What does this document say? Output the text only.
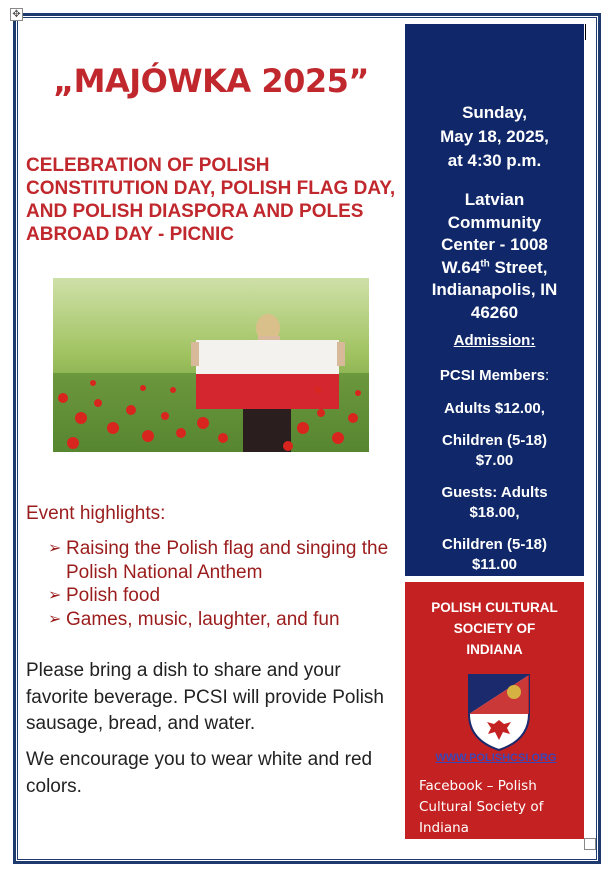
✥
„MAJÓWKA 2025”
CELEBRATION OF POLISH CONSTITUTION DAY, POLISH FLAG DAY, AND POLISH DIASPORA AND POLES ABROAD DAY - PICNIC
Event highlights:
➢ Raising the Polish flag and singing the Polish National Anthem
➢ Polish food
➢ Games, music, laughter, and fun

Please bring a dish to share and your favorite beverage. PCSI will provide Polish sausage, bread, and water.

We encourage you to wear white and red colors.

Sunday,
May 18, 2025,
at 4:30 p.m.
Latvian Community Center - 1008
W.64th Street,
Indianapolis, IN 46260
Admission:
PCSI Members:
Adults $12.00,
Children (5-18) $7.00
Guests: Adults $18.00,
Children (5-18) $11.00
POLISH CULTURAL SOCIETY OF INDIANA
WWW.POLISHCSI.ORG
Facebook – Polish Cultural Society of Indiana
